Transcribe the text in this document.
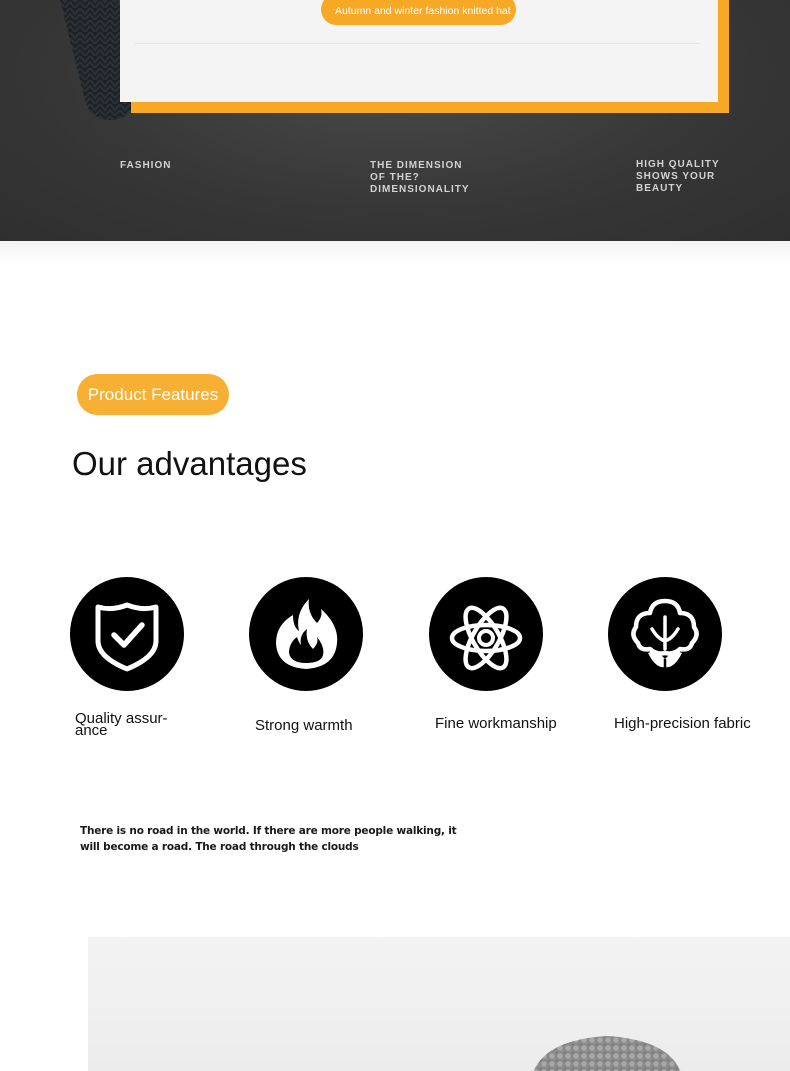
Autumn and winter fashion knitted hat
FASHION	THE DIMENSION
OF THE?
DIMENSIONALITY
HIGH QUALITY
SHOWS YOUR
BEAUTY
Product Features
Our advantages
Quality assur-
ance	Strong warmth	Fine workmanship	High-precision fabric
There is no road in the world. If there are more people walking, it will become a road. The road through the clouds
